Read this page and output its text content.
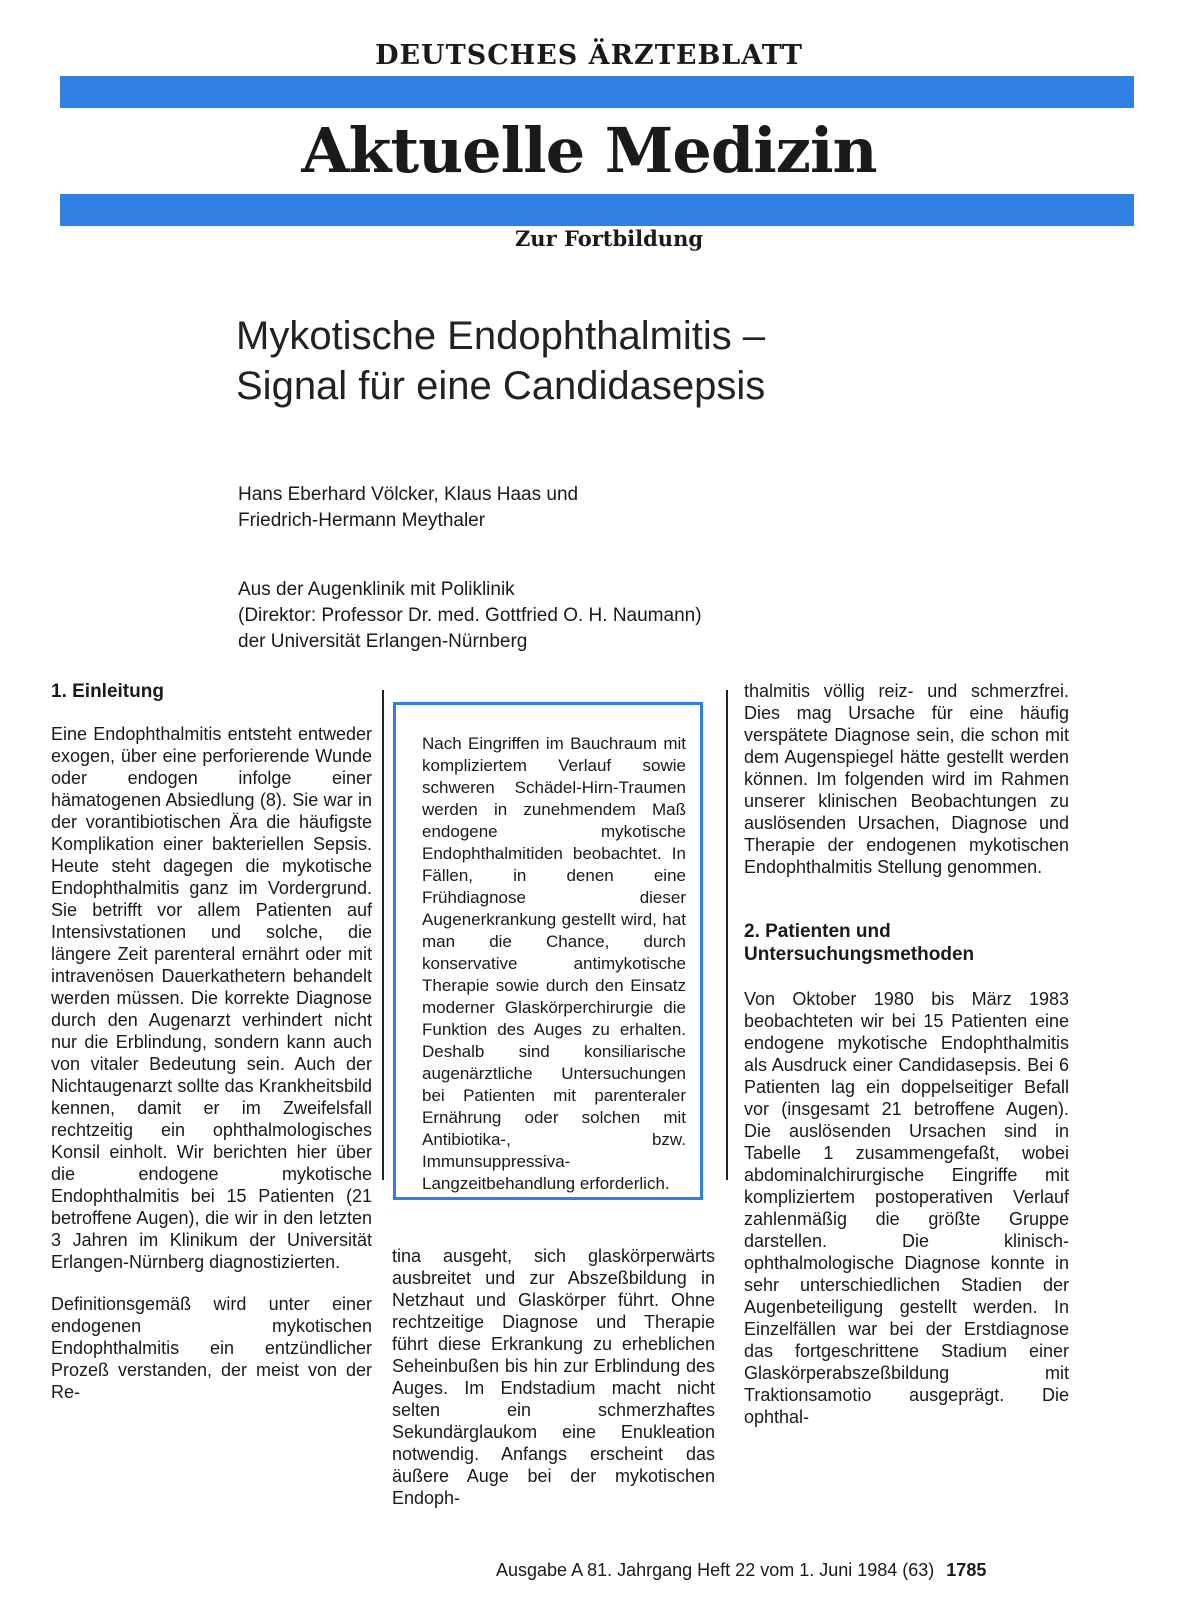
DEUTSCHES ÄRZTEBLATT
Aktuelle Medizin
Zur Fortbildung
Mykotische Endophthalmitis –
Signal für eine Candidasepsis
Hans Eberhard Völcker, Klaus Haas und
Friedrich-Hermann Meythaler
Aus der Augenklinik mit Poliklinik
(Direktor: Professor Dr. med. Gottfried O. H. Naumann)
der Universität Erlangen-Nürnberg
1. Einleitung

Eine Endophthalmitis entsteht entweder exogen, über eine perforierende Wunde oder endogen infolge einer hämatogenen Absiedlung (8). Sie war in der vorantibiotischen Ära die häufigste Komplikation einer bakteriellen Sepsis. Heute steht dagegen die mykotische Endophthalmitis ganz im Vordergrund. Sie betrifft vor allem Patienten auf Intensivstationen und solche, die längere Zeit parenteral ernährt oder mit intravenösen Dauerkathetern behandelt werden müssen. Die korrekte Diagnose durch den Augenarzt verhindert nicht nur die Erblindung, sondern kann auch von vitaler Bedeutung sein. Auch der Nichtaugenarzt sollte das Krankheitsbild kennen, damit er im Zweifelsfall rechtzeitig ein ophthalmologisches Konsil einholt. Wir berichten hier über die endogene mykotische Endophthalmitis bei 15 Patienten (21 betroffene Augen), die wir in den letzten 3 Jahren im Klinikum der Universität Erlangen-Nürnberg diagnostizierten.

Definitionsgemäß wird unter einer endogenen mykotischen Endophthalmitis ein entzündlicher Prozeß verstanden, der meist von der Re-

Nach Eingriffen im Bauchraum mit kompliziertem Verlauf sowie schweren Schädel-Hirn-Traumen werden in zunehmendem Maß endogene mykotische Endophthalmitiden beobachtet. In Fällen, in denen eine Frühdiagnose dieser Augenerkrankung gestellt wird, hat man die Chance, durch konservative antimykotische Therapie sowie durch den Einsatz moderner Glaskörperchirurgie die Funktion des Auges zu erhalten. Deshalb sind konsiliarische augenärztliche Untersuchungen bei Patienten mit parenteraler Ernährung oder solchen mit Antibiotika-, bzw. Immunsuppressiva-Langzeitbehandlung erforderlich.

tina ausgeht, sich glaskörperwärts ausbreitet und zur Abszeßbildung in Netzhaut und Glaskörper führt. Ohne rechtzeitige Diagnose und Therapie führt diese Erkrankung zu erheblichen Seheinbußen bis hin zur Erblindung des Auges. Im Endstadium macht nicht selten ein schmerzhaftes Sekundärglaukom eine Enukleation notwendig. Anfangs erscheint das äußere Auge bei der mykotischen Endoph-

thalmitis völlig reiz- und schmerzfrei. Dies mag Ursache für eine häufig verspätete Diagnose sein, die schon mit dem Augenspiegel hätte gestellt werden können. Im folgenden wird im Rahmen unserer klinischen Beobachtungen zu auslösenden Ursachen, Diagnose und Therapie der endogenen mykotischen Endophthalmitis Stellung genommen.

2. Patienten und
Untersuchungsmethoden

Von Oktober 1980 bis März 1983 beobachteten wir bei 15 Patienten eine endogene mykotische Endophthalmitis als Ausdruck einer Candidasepsis. Bei 6 Patienten lag ein doppelseitiger Befall vor (insgesamt 21 betroffene Augen). Die auslösenden Ursachen sind in Tabelle 1 zusammengefaßt, wobei abdominalchirurgische Eingriffe mit kompliziertem postoperativen Verlauf zahlenmäßig die größte Gruppe darstellen. Die klinisch-ophthalmologische Diagnose konnte in sehr unterschiedlichen Stadien der Augenbeteiligung gestellt werden. In Einzelfällen war bei der Erstdiagnose das fortgeschrittene Stadium einer Glaskörperabszeßbildung mit Traktionsamotio ausgeprägt. Die ophthal-

Ausgabe A 81. Jahrgang Heft 22 vom 1. Juni 1984 (63) 1785
